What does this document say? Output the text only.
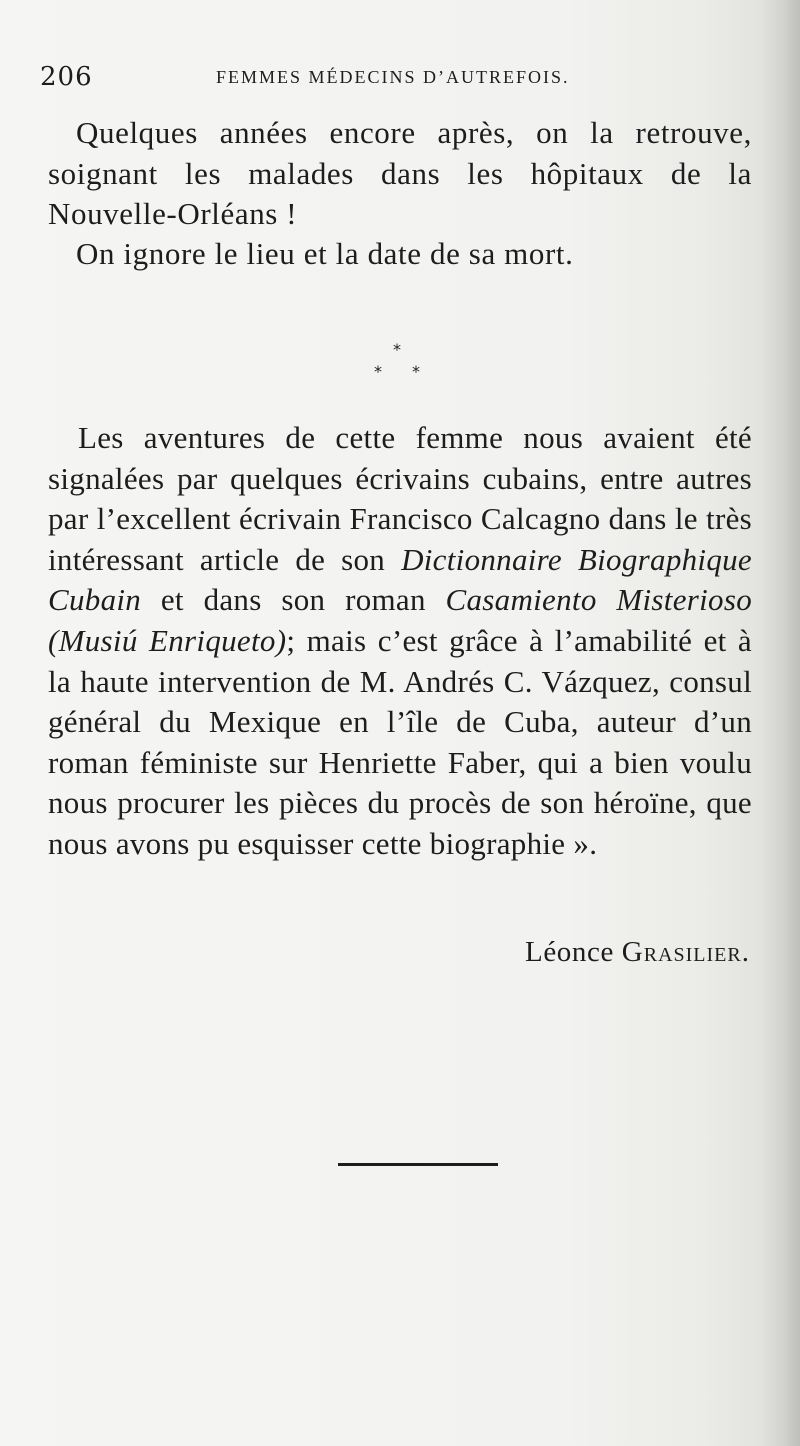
206	FEMMES MÉDECINS D’AUTREFOIS.

Quelques années encore après, on la retrouve, soignant les malades dans les hôpitaux de la Nouvelle-Orléans !

On ignore le lieu et la date de sa mort.

*
* *

Les aventures de cette femme nous avaient été signalées par quelques écrivains cubains, entre autres par l’excellent écrivain Francisco Calcagno dans le très intéressant article de son Dictionnaire Biographique Cubain et dans son roman Casamiento Misterioso (Musiú Enriqueto); mais c’est grâce à l’amabilité et à la haute intervention de M. Andrés C. Vázquez, consul général du Mexique en l’île de Cuba, auteur d’un roman féministe sur Henriette Faber, qui a bien voulu nous procurer les pièces du procès de son héroïne, que nous avons pu esquisser cette biographie ».

Léonce Grasilier.
